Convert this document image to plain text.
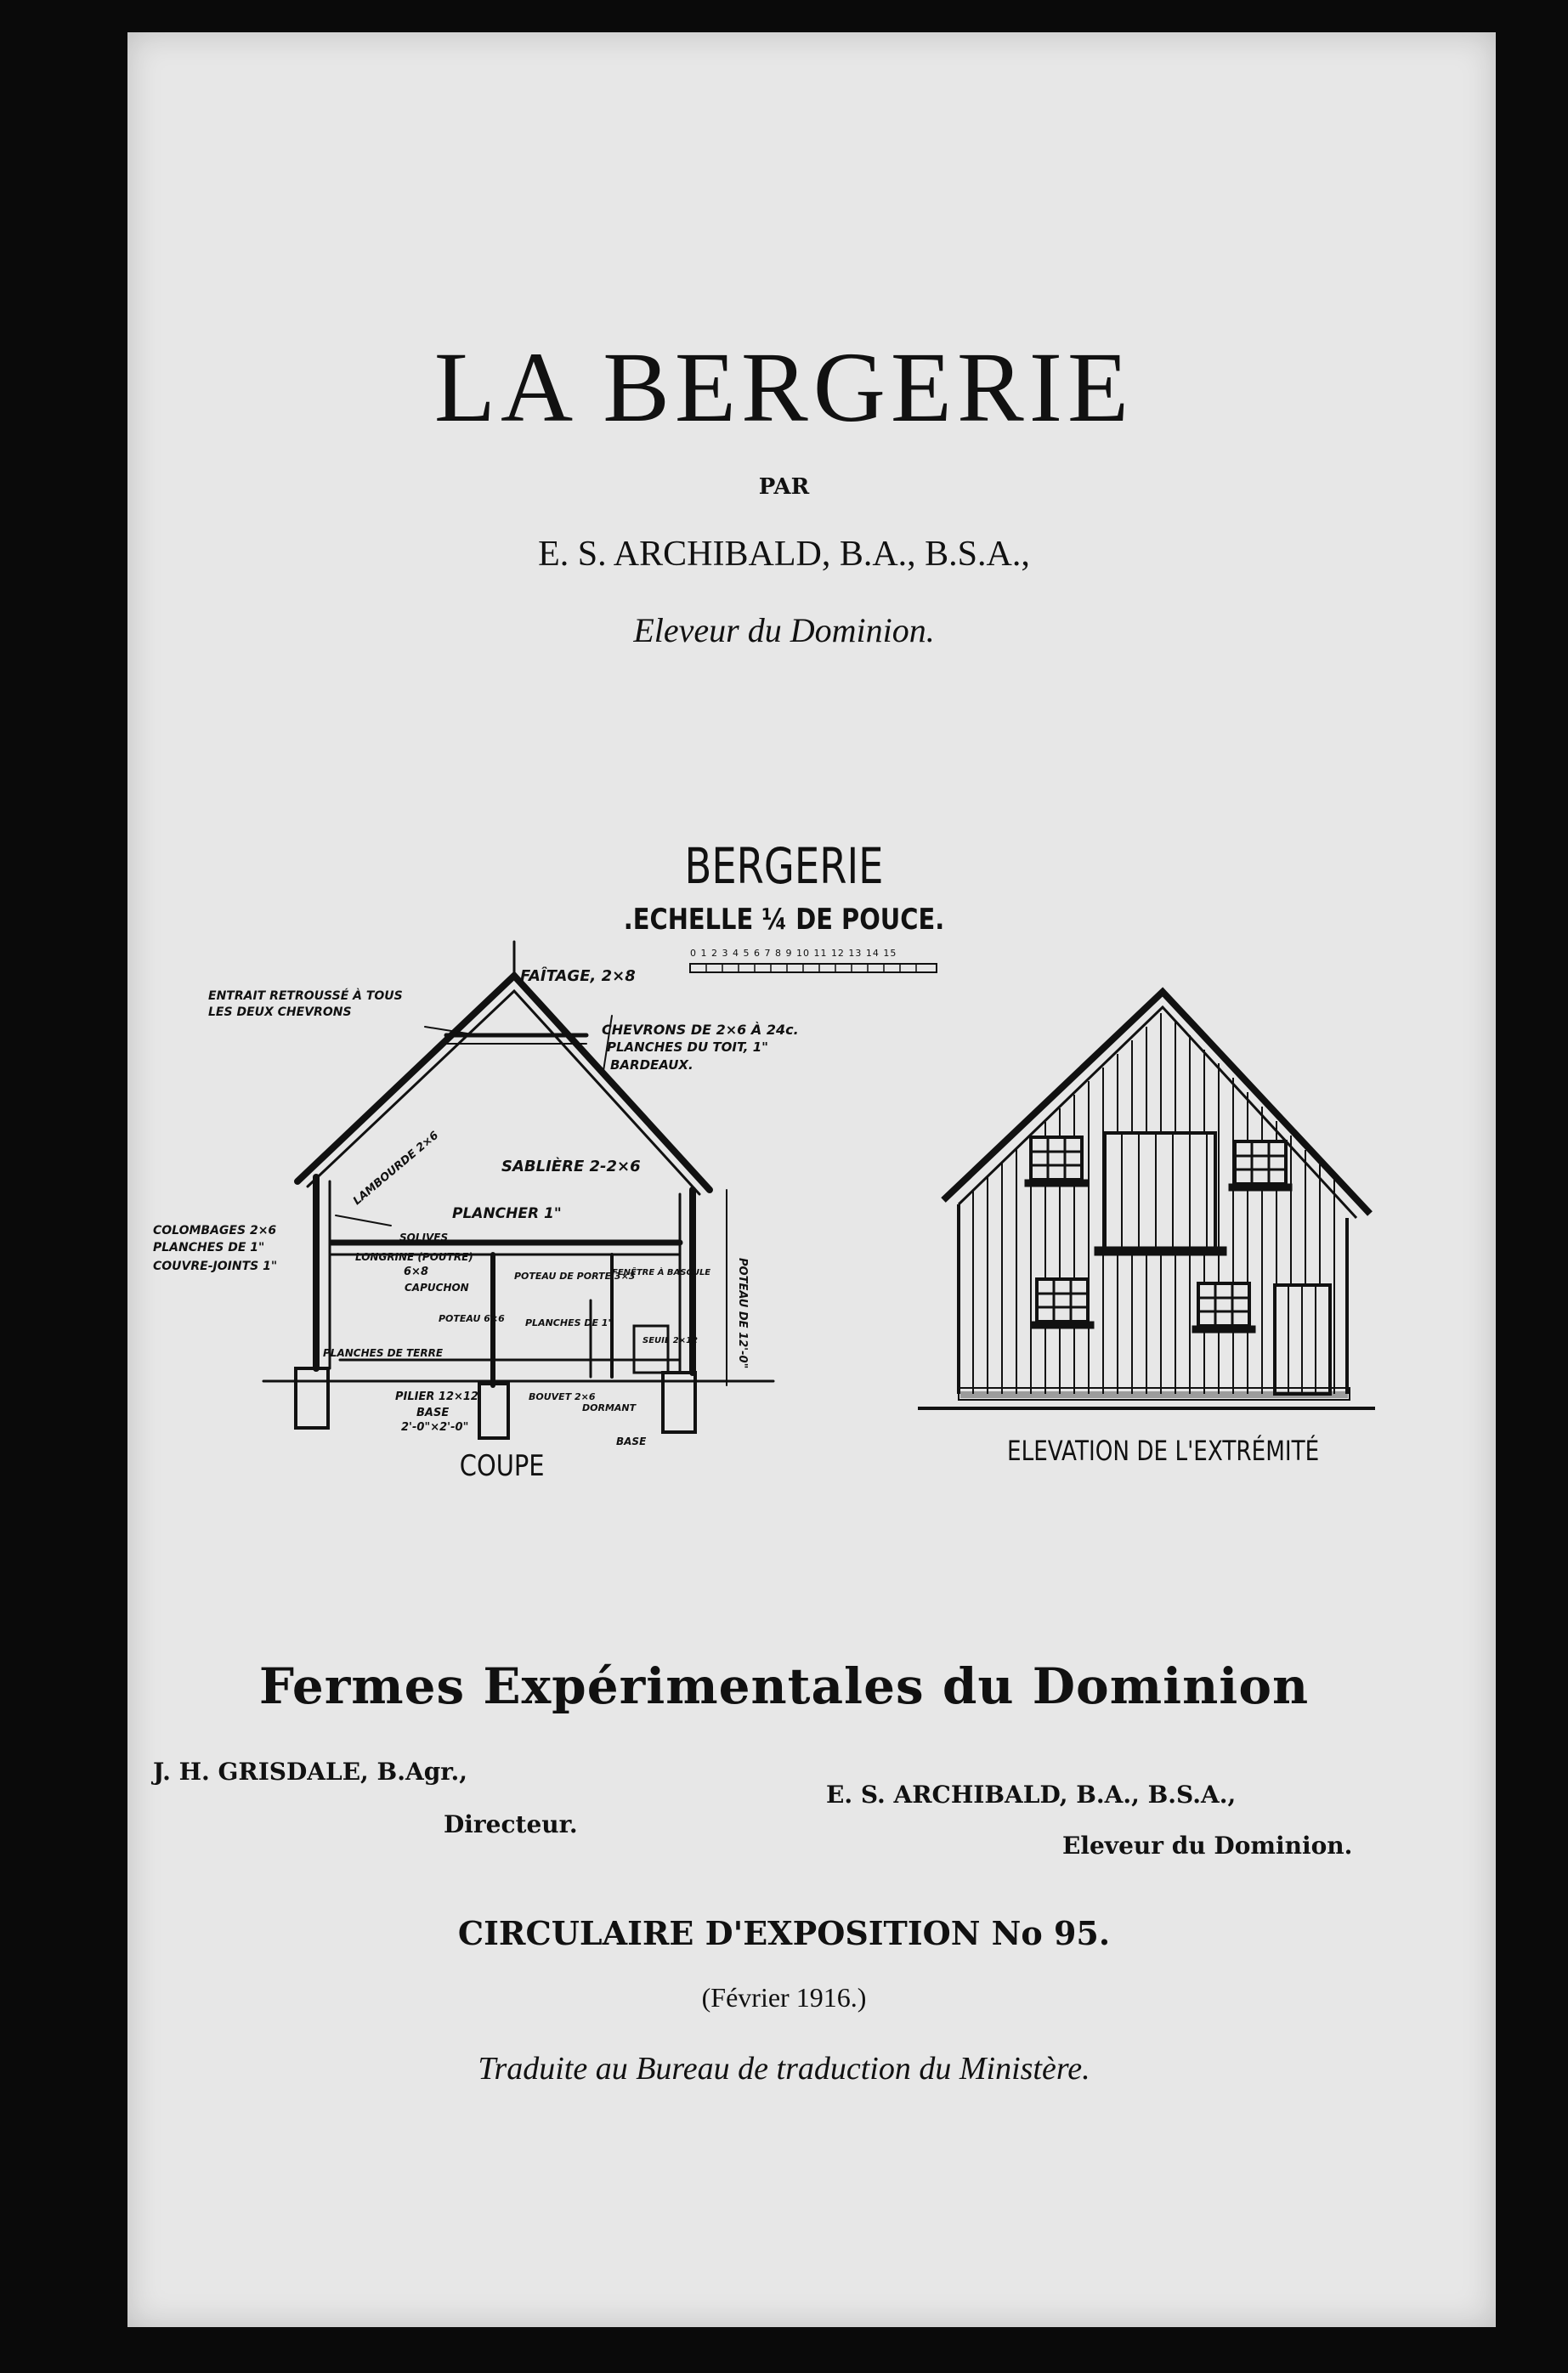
LA BERGERIE
PAR
E. S. ARCHIBALD, B.A., B.S.A.,
Eleveur du Dominion.
BERGERIE
.ECHELLE ¼ DE POUCE.
0 1 2 3 4 5 6 7 8 9 10 11 12 13 14 15
FAÎTAGE, 2×8
ENTRAIT RETROUSSÉ À TOUS
LES DEUX CHEVRONS
CHEVRONS DE 2×6 À 24c.
PLANCHES DU TOIT, 1"
BARDEAUX.
SABLIÈRE 2-2×6
LAMBOURDE 2×6
PLANCHER 1"
SOLIVES
COLOMBAGES 2×6
PLANCHES DE 1"
COUVRE-JOINTS 1"
LONGRINE (POUTRE)
6×8
CAPUCHON
POTEAU 6×6
POTEAU DE PORTE 3×3
PLANCHES DE TERRE
PLANCHES DE 1"
FENÊTRE À BASCULE
SEUIL 2×12
PILIER 12×12
BASE
2'-0"×2'-0"
BOUVET 2×6
DORMANT
BASE
POTEAU DE 12'-0"
COUPE	ELEVATION DE L'EXTRÉMITÉ
Fermes Expérimentales du Dominion
J. H. GRISDALE, B.Agr.,
Directeur.
E. S. ARCHIBALD, B.A., B.S.A.,
Eleveur du Dominion.
CIRCULAIRE D'EXPOSITION No 95.
(Février 1916.)
Traduite au Bureau de traduction du Ministère.
